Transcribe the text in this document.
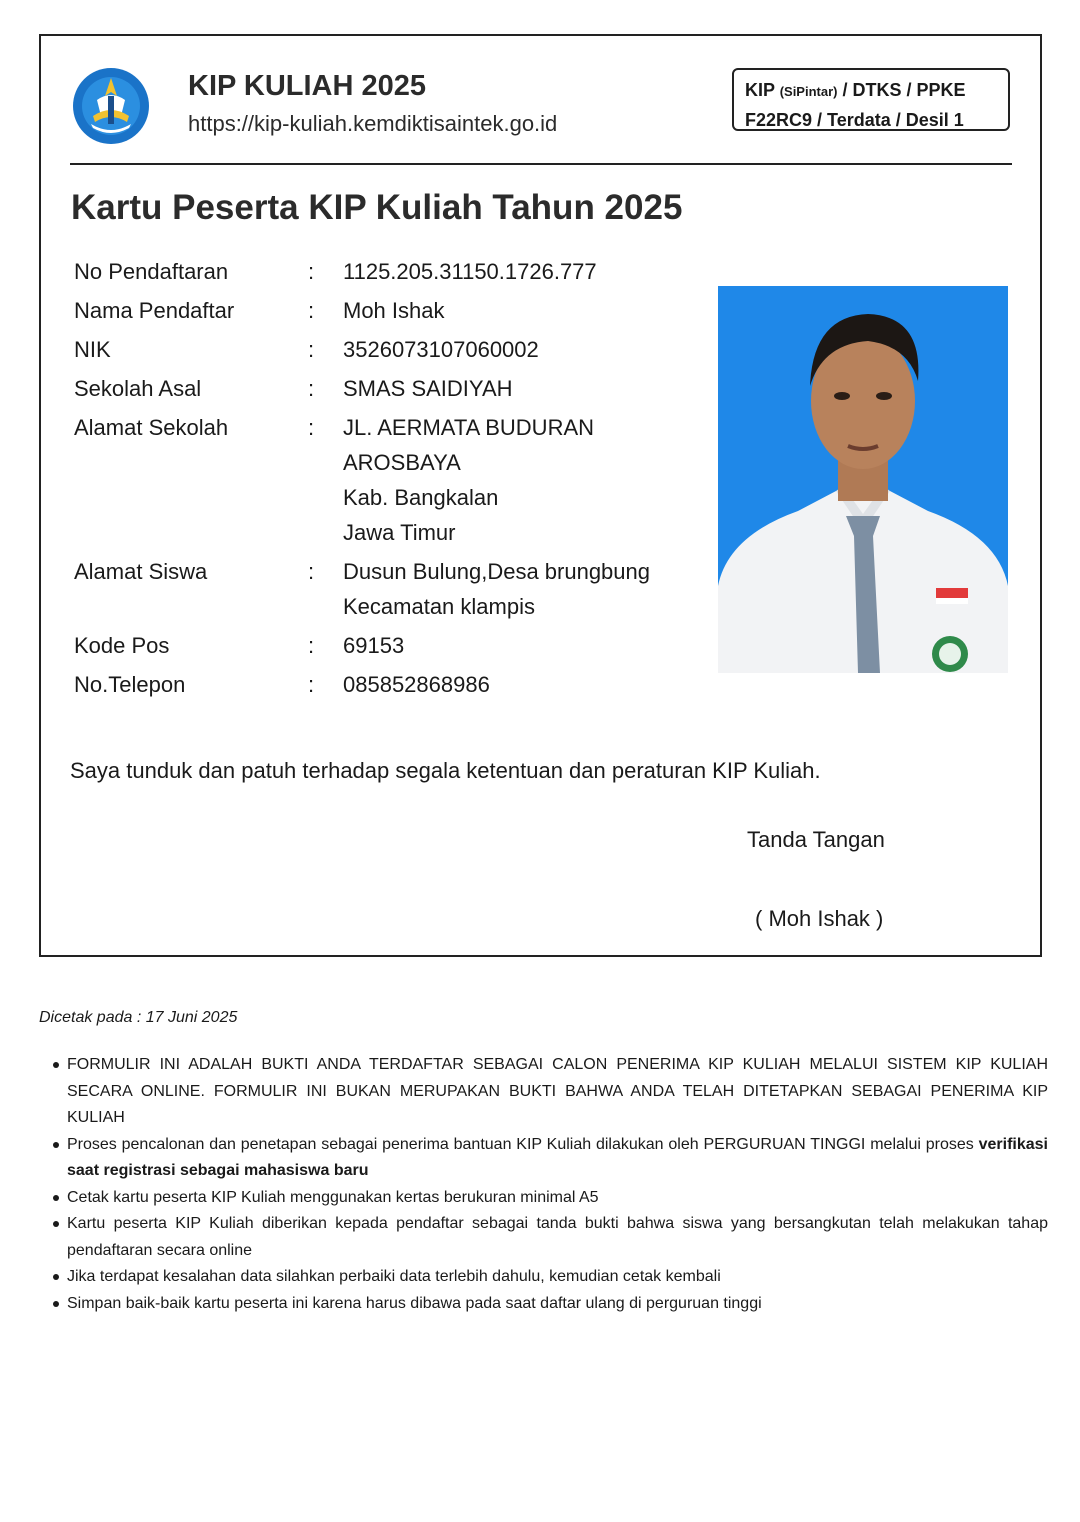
KIP KULIAH 2025
https://kip-kuliah.kemdiktisaintek.go.id
KIP (SiPintar) / DTKS / PPKE
F22RC9 / Terdata / Desil 1
Kartu Peserta KIP Kuliah Tahun 2025
No Pendaftaran	:	1125.205.31150.1726.777
Nama Pendaftar	:	Moh Ishak
NIK	:	3526073107060002
Sekolah Asal	:	SMAS SAIDIYAH
Alamat Sekolah	:	JL. AERMATA BUDURAN
AROSBAYA
Kab. Bangkalan
Jawa Timur
Alamat Siswa	:	Dusun Bulung,Desa brungbung
Kecamatan klampis
Kode Pos	:	69153
No.Telepon	:	085852868986
Saya tunduk dan patuh terhadap segala ketentuan dan peraturan KIP Kuliah.
Tanda Tangan
( Moh Ishak )
Dicetak pada : 17 Juni 2025
FORMULIR INI ADALAH BUKTI ANDA TERDAFTAR SEBAGAI CALON PENERIMA KIP KULIAH MELALUI SISTEM KIP KULIAH SECARA ONLINE. FORMULIR INI BUKAN MERUPAKAN BUKTI BAHWA ANDA TELAH DITETAPKAN SEBAGAI PENERIMA KIP KULIAH
Proses pencalonan dan penetapan sebagai penerima bantuan KIP Kuliah dilakukan oleh PERGURUAN TINGGI melalui proses verifikasi saat registrasi sebagai mahasiswa baru
Cetak kartu peserta KIP Kuliah menggunakan kertas berukuran minimal A5
Kartu peserta KIP Kuliah diberikan kepada pendaftar sebagai tanda bukti bahwa siswa yang bersangkutan telah melakukan tahap pendaftaran secara online
Jika terdapat kesalahan data silahkan perbaiki data terlebih dahulu, kemudian cetak kembali
Simpan baik-baik kartu peserta ini karena harus dibawa pada saat daftar ulang di perguruan tinggi
